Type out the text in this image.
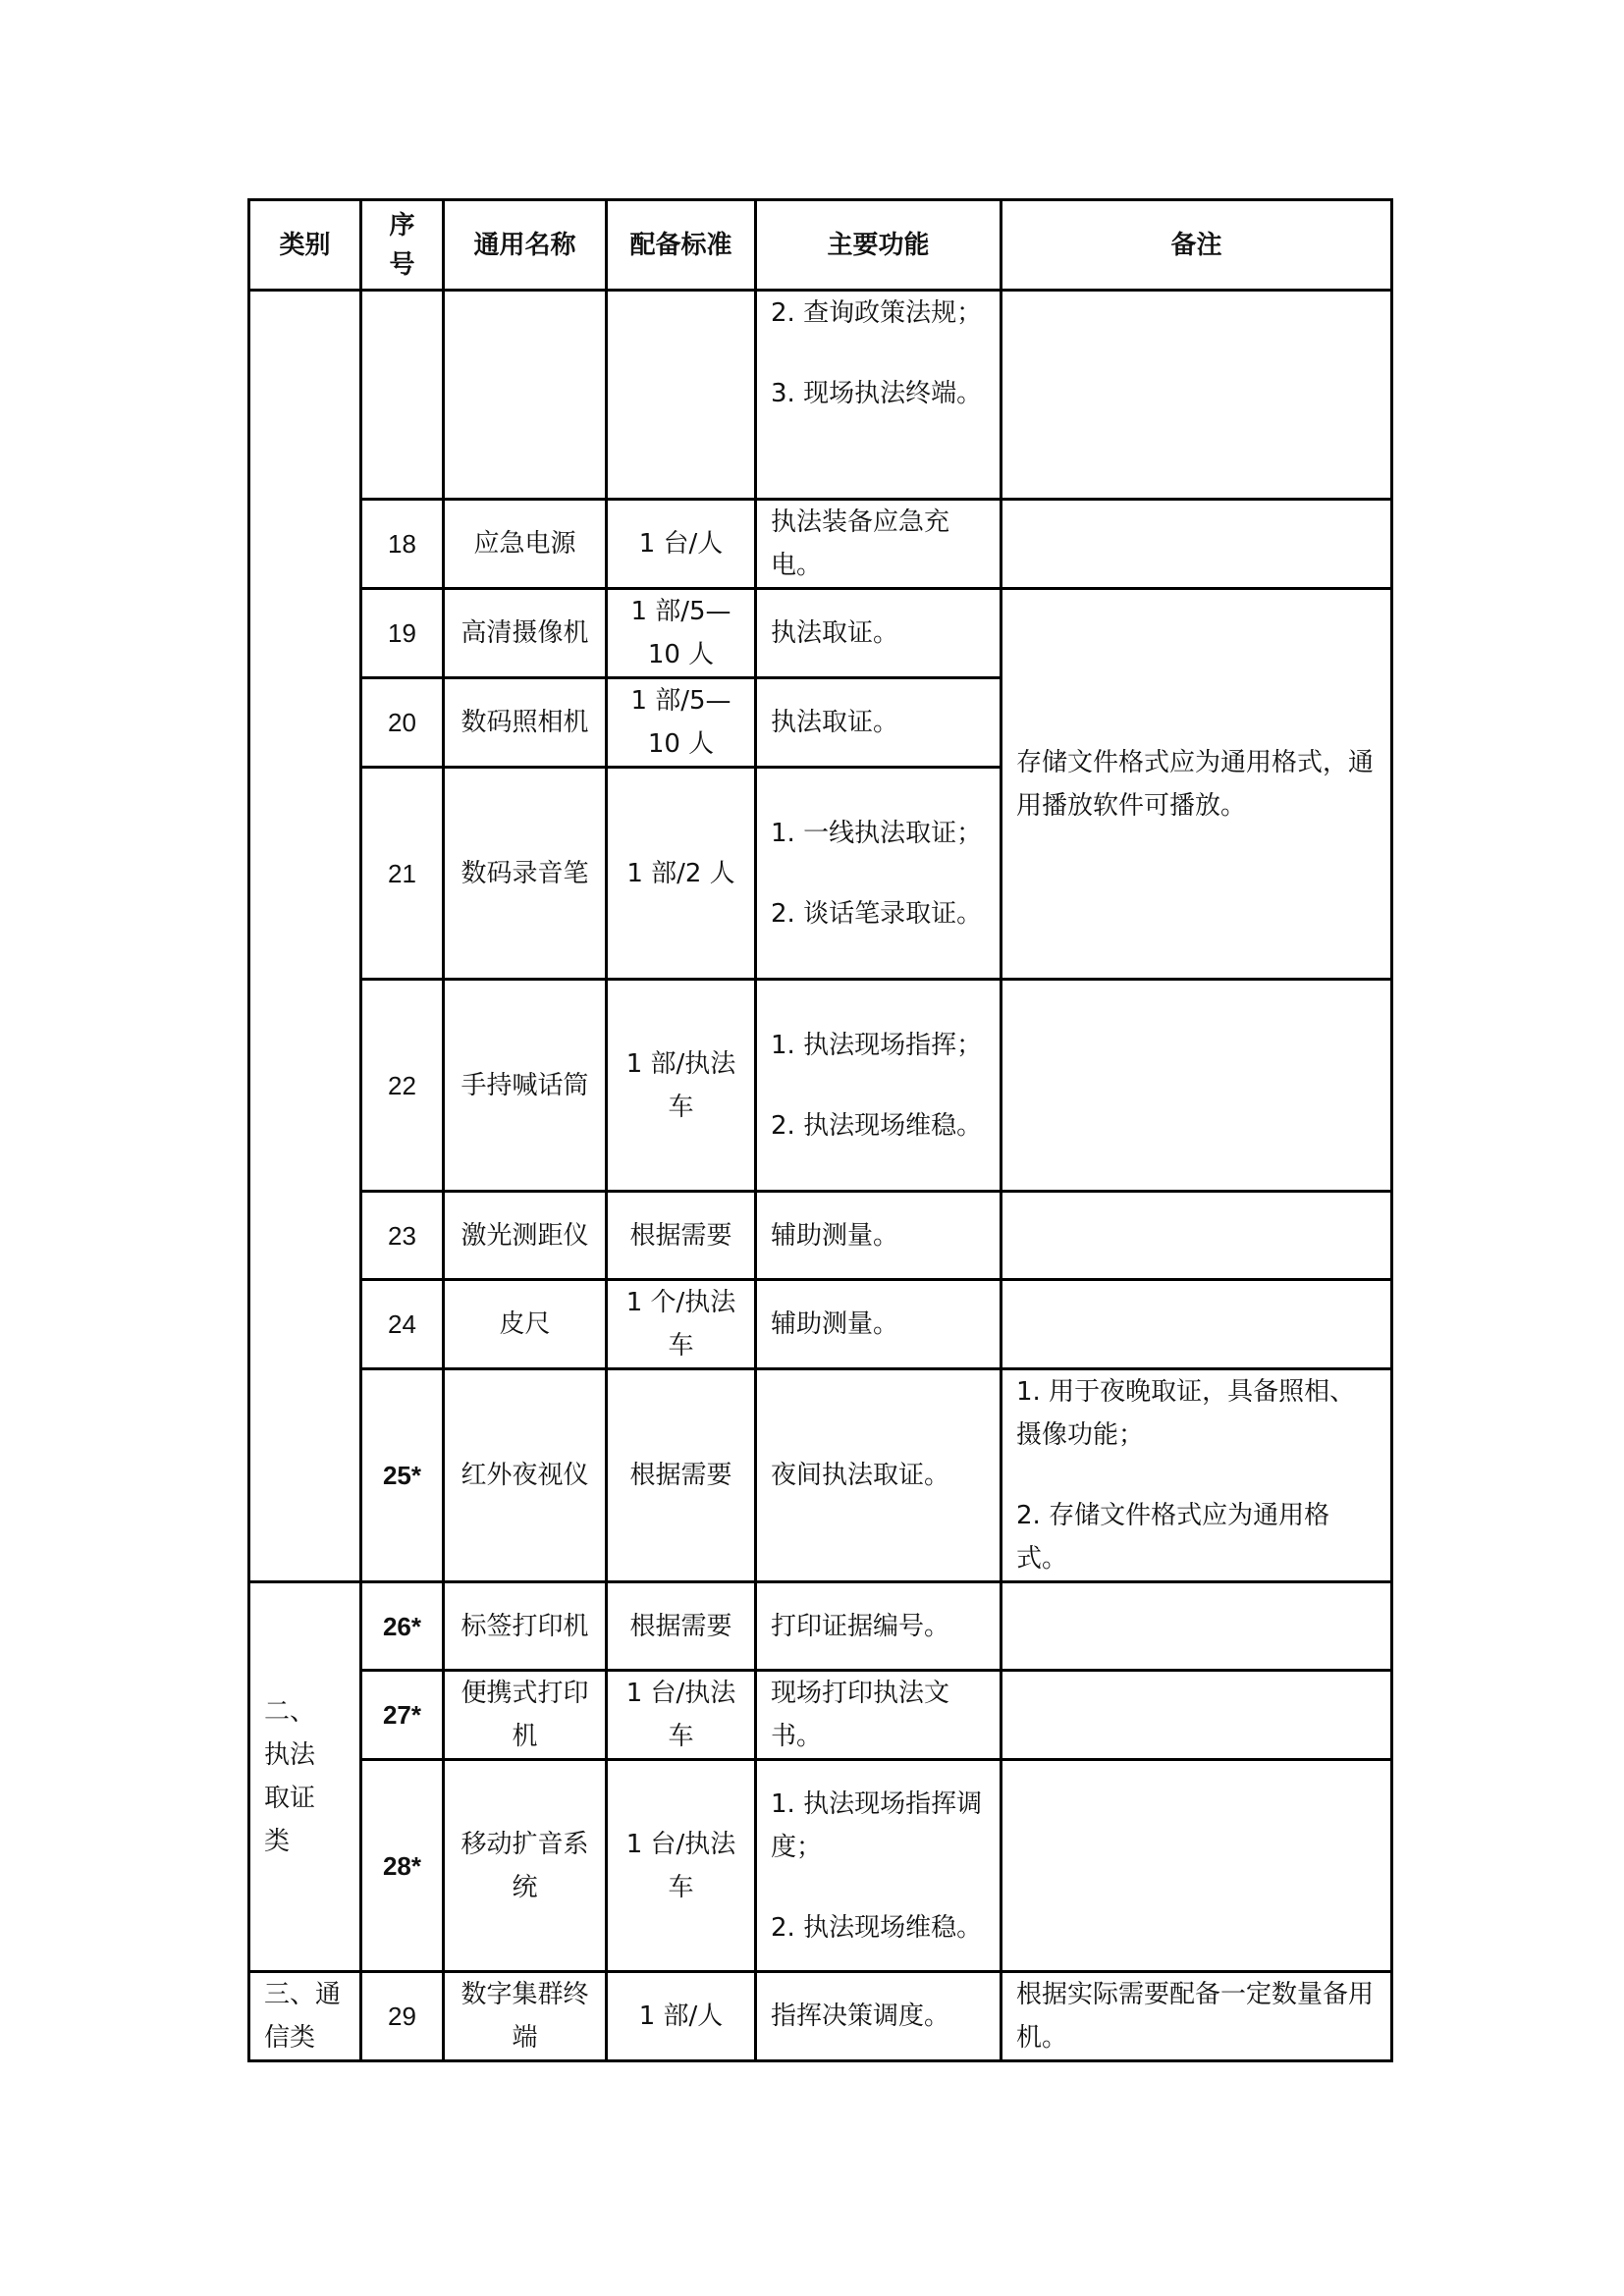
类别	序号	通用名称	配备标准	主要功能	备注

				2. 查询政策法规；
3. 现场执法终端。	

	18	应急电源	1 台/人	执法装备应急充电。	
	19	高清摄像机	1 部/5—10 人	执法取证。	存储文件格式应为通用格式，通用播放软件可播放。
	20	数码照相机	1 部/5—10 人	执法取证。	
	21	数码录音笔	1 部/2 人	1. 一线执法取证；
2. 谈话笔录取证。	

	22	手持喊话筒	1 部/执法车	1. 执法现场指挥；
2. 执法现场维稳。	

	23	激光测距仪	根据需要	辅助测量。	
	24	皮尺	1 个/执法车	辅助测量。	
	25*	红外夜视仪	根据需要	夜间执法取证。	1. 用于夜晚取证，具备照相、摄像功能；
2. 存储文件格式应为通用格式。

二、
执法
取证
类	26*	标签打印机	根据需要	打印证据编号。	
	27*	便携式打印机	1 台/执法车	现场打印执法文书。	
	28*	移动扩音系统	1 台/执法车	1. 执法现场指挥调度；
2. 执法现场维稳。	

三、通信类	29	数字集群终端	1 部/人	指挥决策调度。	根据实际需要配备一定数量备用机。
